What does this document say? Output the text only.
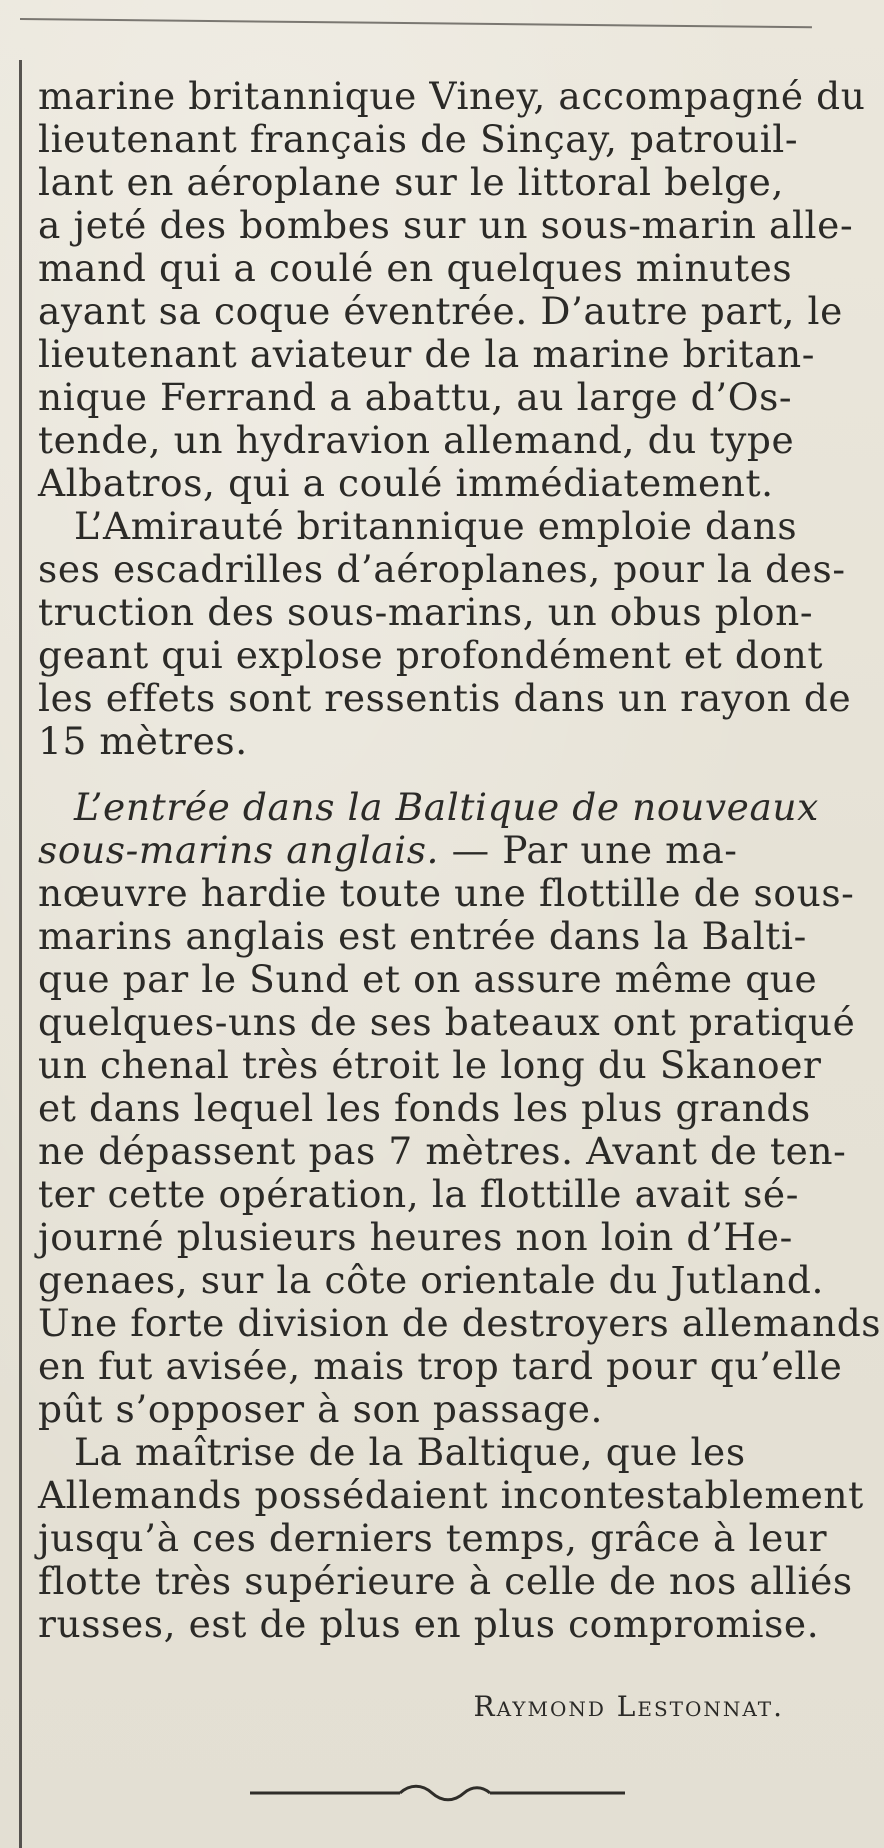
marine britannique Viney, accompagné du
lieutenant français de Sinçay, patrouil-
lant en aéroplane sur le littoral belge,
a jeté des bombes sur un sous-marin alle-
mand qui a coulé en quelques minutes
ayant sa coque éventrée. D’autre part, le
lieutenant aviateur de la marine britan-
nique Ferrand a abattu, au large d’Os-
tende, un hydravion allemand, du type
Albatros, qui a coulé immédiatement.
L’Amirauté britannique emploie dans
ses escadrilles d’aéroplanes, pour la des-
truction des sous-marins, un obus plon-
geant qui explose profondément et dont
les effets sont ressentis dans un rayon de
15 mètres.
L’entrée dans la Baltique de nouveaux
sous-marins anglais. — Par une ma-
nœuvre hardie toute une flottille de sous-
marins anglais est entrée dans la Balti-
que par le Sund et on assure même que
quelques-uns de ses bateaux ont pratiqué
un chenal très étroit le long du Skanoer
et dans lequel les fonds les plus grands
ne dépassent pas 7 mètres. Avant de ten-
ter cette opération, la flottille avait sé-
journé plusieurs heures non loin d’He-
genaes, sur la côte orientale du Jutland.
Une forte division de destroyers allemands
en fut avisée, mais trop tard pour qu’elle
pût s’opposer à son passage.
La maîtrise de la Baltique, que les
Allemands possédaient incontestablement
jusqu’à ces derniers temps, grâce à leur
flotte très supérieure à celle de nos alliés
russes, est de plus en plus compromise.
Raymond Lestonnat.
